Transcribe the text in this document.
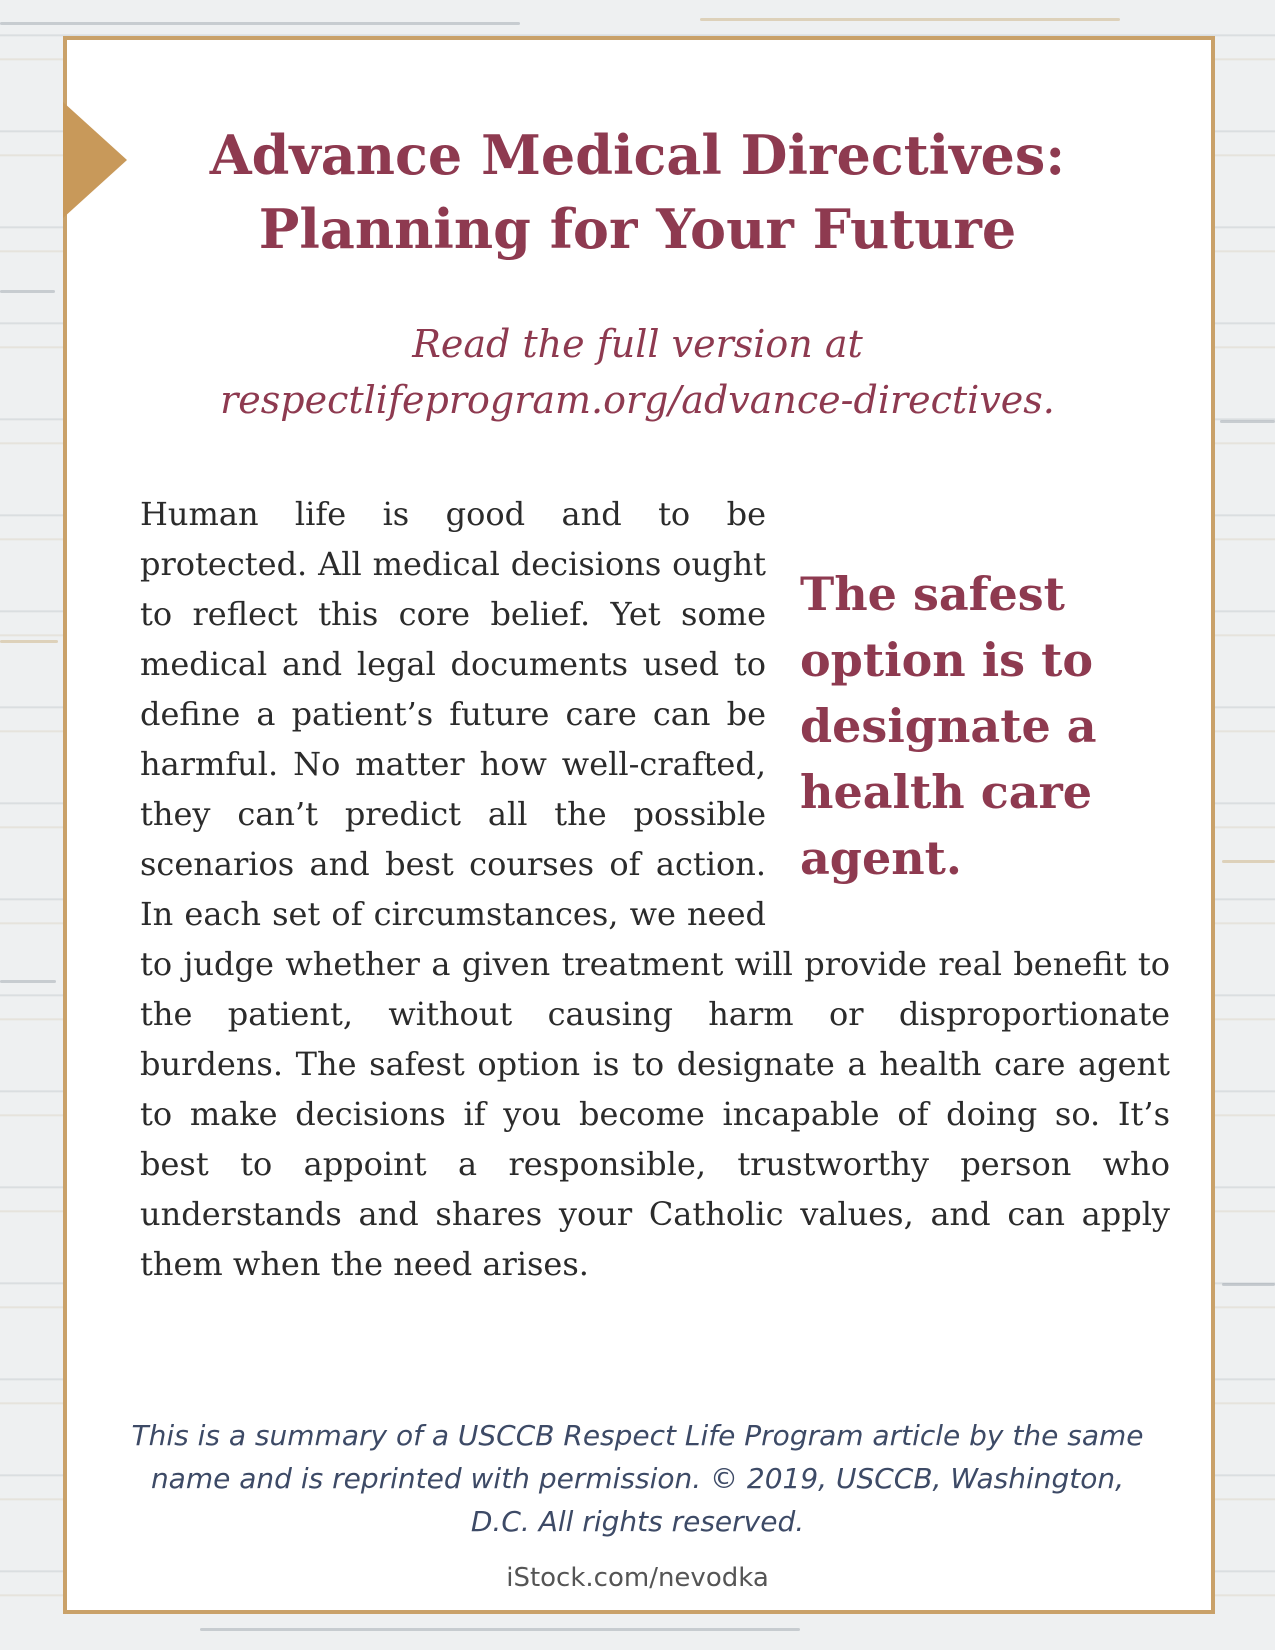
Advance Medical Directives:
Planning for Your Future
Read the full version at
respectlifeprogram.org/advance-directives.
The safest option is to designate a health care agent.
Human life is good and to be protected. All medical decisions ought to reflect this core belief. Yet some medical and legal documents used to define a patient’s future care can be harmful. No matter how well-crafted, they can’t predict all the possible scenarios and best courses of action. In each set of circumstances, we need to judge whether a given treatment will provide real benefit to the patient, without causing harm or disproportionate burdens. The safest option is to designate a health care agent to make decisions if you become incapable of doing so. It’s best to appoint a responsible, trustworthy person who understands and shares your Catholic values, and can apply them when the need arises.
This is a summary of a USCCB Respect Life Program article by the same name and is reprinted with permission. © 2019, USCCB, Washington, D.C. All rights reserved.
iStock.com/nevodka
